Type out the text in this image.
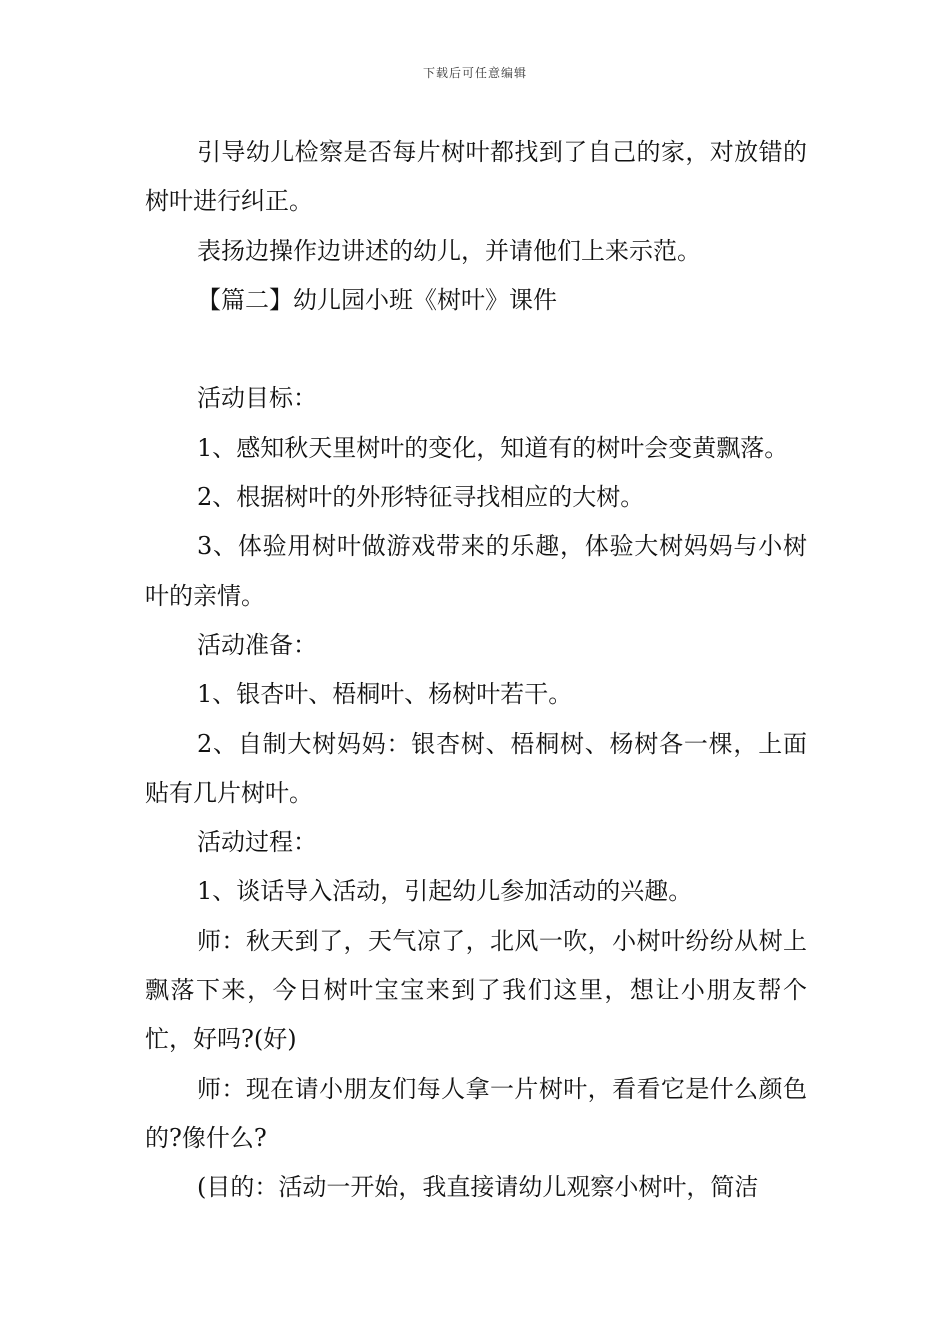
下载后可任意编辑

引导幼儿检察是否每片树叶都找到了自己的家，对放错的树叶进行纠正。

表扬边操作边讲述的幼儿，并请他们上来示范。

【篇二】幼儿园小班《树叶》课件

活动目标：

1、感知秋天里树叶的变化，知道有的树叶会变黄飘落。

2、根据树叶的外形特征寻找相应的大树。

3、体验用树叶做游戏带来的乐趣，体验大树妈妈与小树叶的亲情。

活动准备：

1、银杏叶、梧桐叶、杨树叶若干。

2、自制大树妈妈：银杏树、梧桐树、杨树各一棵，上面贴有几片树叶。

活动过程：

1、谈话导入活动，引起幼儿参加活动的兴趣。

师：秋天到了，天气凉了，北风一吹，小树叶纷纷从树上飘落下来，今日树叶宝宝来到了我们这里，想让小朋友帮个忙，好吗?(好)

师：现在请小朋友们每人拿一片树叶，看看它是什么颜色的?像什么?

(目的：活动一开始，我直接请幼儿观察小树叶，简洁
